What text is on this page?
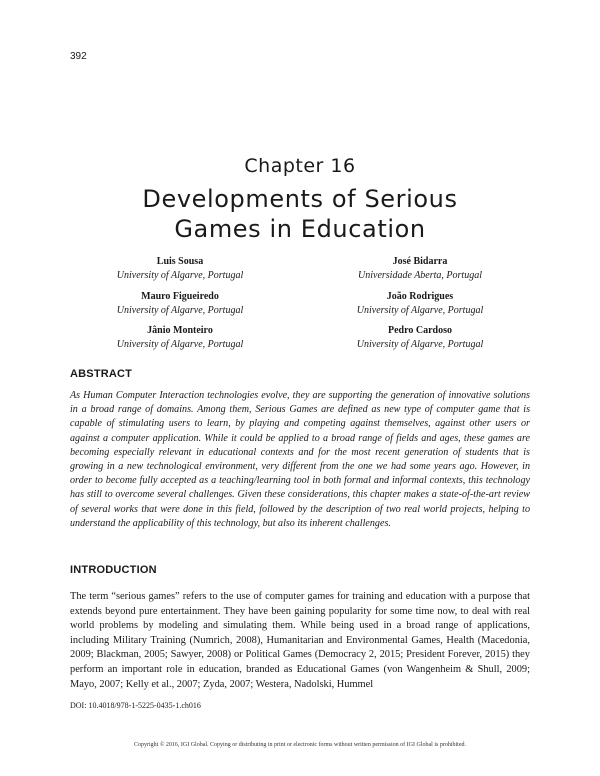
392
Chapter 16
Developments of Serious
Games in Education
Luis Sousa
University of Algarve, Portugal
José Bidarra
Universidade Aberta, Portugal
Mauro Figueiredo
University of Algarve, Portugal
João Rodrigues
University of Algarve, Portugal
Jânio Monteiro
University of Algarve, Portugal
Pedro Cardoso
University of Algarve, Portugal
ABSTRACT

As Human Computer Interaction technologies evolve, they are supporting the generation of innovative solutions in a broad range of domains. Among them, Serious Games are defined as new type of computer game that is capable of stimulating users to learn, by playing and competing against themselves, against other users or against a computer application. While it could be applied to a broad range of fields and ages, these games are becoming especially relevant in educational contexts and for the most recent generation of students that is growing in a new technological environment, very different from the one we had some years ago. However, in order to become fully accepted as a teaching/learning tool in both formal and informal contexts, this technology has still to overcome several challenges. Given these considerations, this chapter makes a state-of-the-art review of several works that were done in this field, followed by the description of two real world projects, helping to understand the applicability of this technology, but also its inherent challenges.

INTRODUCTION

The term “serious games” refers to the use of computer games for training and education with a purpose that extends beyond pure entertainment. They have been gaining popularity for some time now, to deal with real world problems by modeling and simulating them. While being used in a broad range of applications, including Military Training (Numrich, 2008), Humanitarian and Environmental Games, Health (Macedonia, 2009; Blackman, 2005; Sawyer, 2008) or Political Games (Democracy 2, 2015; President Forever, 2015) they perform an important role in education, branded as Educational Games (von Wangenheim & Shull, 2009; Mayo, 2007; Kelly et al., 2007; Zyda, 2007; Westera, Nadolski, Hummel

DOI: 10.4018/978-1-5225-0435-1.ch016
Copyright © 2016, IGI Global. Copying or distributing in print or electronic forms without written permission of IGI Global is prohibited.
